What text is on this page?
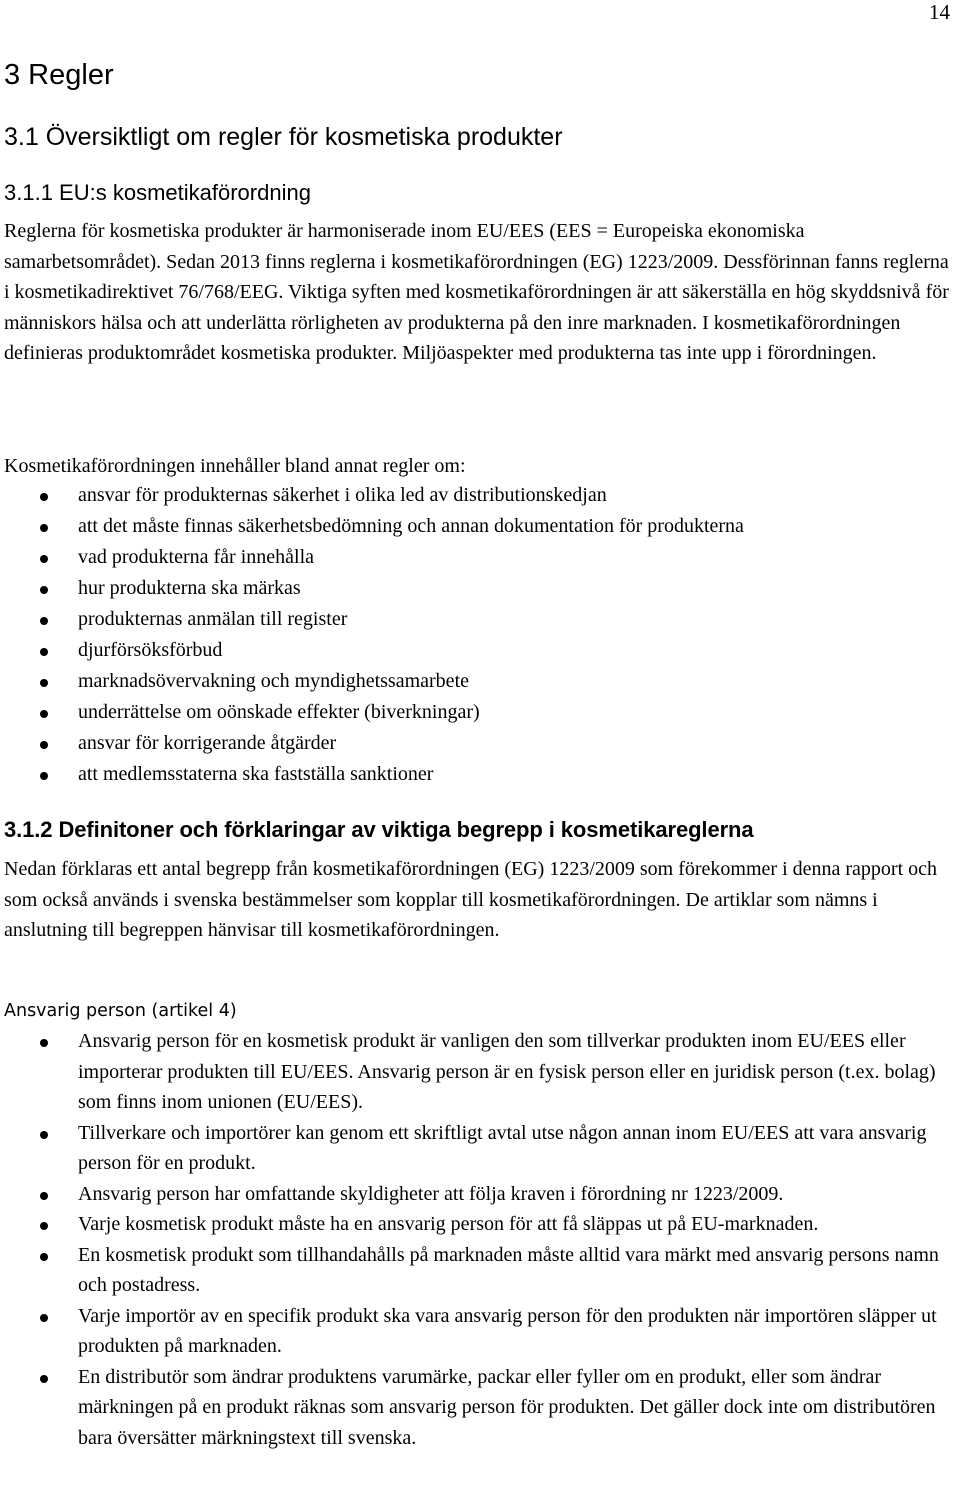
14
3 Regler
3.1 Översiktligt om regler för kosmetiska produkter
3.1.1 EU:s kosmetikaförordning

Reglerna för kosmetiska produkter är harmoniserade inom EU/EES (EES = Europeiska ekonomiska samarbetsområdet). Sedan 2013 finns reglerna i kosmetikaförordningen (EG) 1223/2009. Dessförinnan fanns reglerna i kosmetikadirektivet 76/768/EEG. Viktiga syften med kosmetikaförordningen är att säkerställa en hög skyddsnivå för människors hälsa och att underlätta rörligheten av produkterna på den inre marknaden. I kosmetikaförordningen definieras produktområdet kosmetiska produkter. Miljöaspekter med produkterna tas inte upp i förordningen.

Kosmetikaförordningen innehåller bland annat regler om:

ansvar för produkternas säkerhet i olika led av distributionskedjan
att det måste finnas säkerhetsbedömning och annan dokumentation för produkterna
vad produkterna får innehålla
hur produkterna ska märkas
produkternas anmälan till register
djurförsöksförbud
marknadsövervakning och myndighetssamarbete
underrättelse om oönskade effekter (biverkningar)
ansvar för korrigerande åtgärder
att medlemsstaterna ska fastställa sanktioner
3.1.2 Definitoner och förklaringar av viktiga begrepp i kosmetikareglerna

Nedan förklaras ett antal begrepp från kosmetikaförordningen (EG) 1223/2009 som förekommer i denna rapport och som också används i svenska bestämmelser som kopplar till kosmetikaförordningen. De artiklar som nämns i anslutning till begreppen hänvisar till kosmetikaförordningen.

Ansvarig person (artikel 4)

Ansvarig person för en kosmetisk produkt är vanligen den som tillverkar produkten inom EU/EES eller importerar produkten till EU/EES. Ansvarig person är en fysisk person eller en juridisk person (t.ex. bolag) som finns inom unionen (EU/EES).
Tillverkare och importörer kan genom ett skriftligt avtal utse någon annan inom EU/EES att vara ansvarig person för en produkt.
Ansvarig person har omfattande skyldigheter att följa kraven i förordning nr 1223/2009.
Varje kosmetisk produkt måste ha en ansvarig person för att få släppas ut på EU-marknaden.
En kosmetisk produkt som tillhandahålls på marknaden måste alltid vara märkt med ansvarig persons namn och postadress.
Varje importör av en specifik produkt ska vara ansvarig person för den produkten när importören släpper ut produkten på marknaden.
En distributör som ändrar produktens varumärke, packar eller fyller om en produkt, eller som ändrar märkningen på en produkt räknas som ansvarig person för produkten. Det gäller dock inte om distributören bara översätter märkningstext till svenska.
